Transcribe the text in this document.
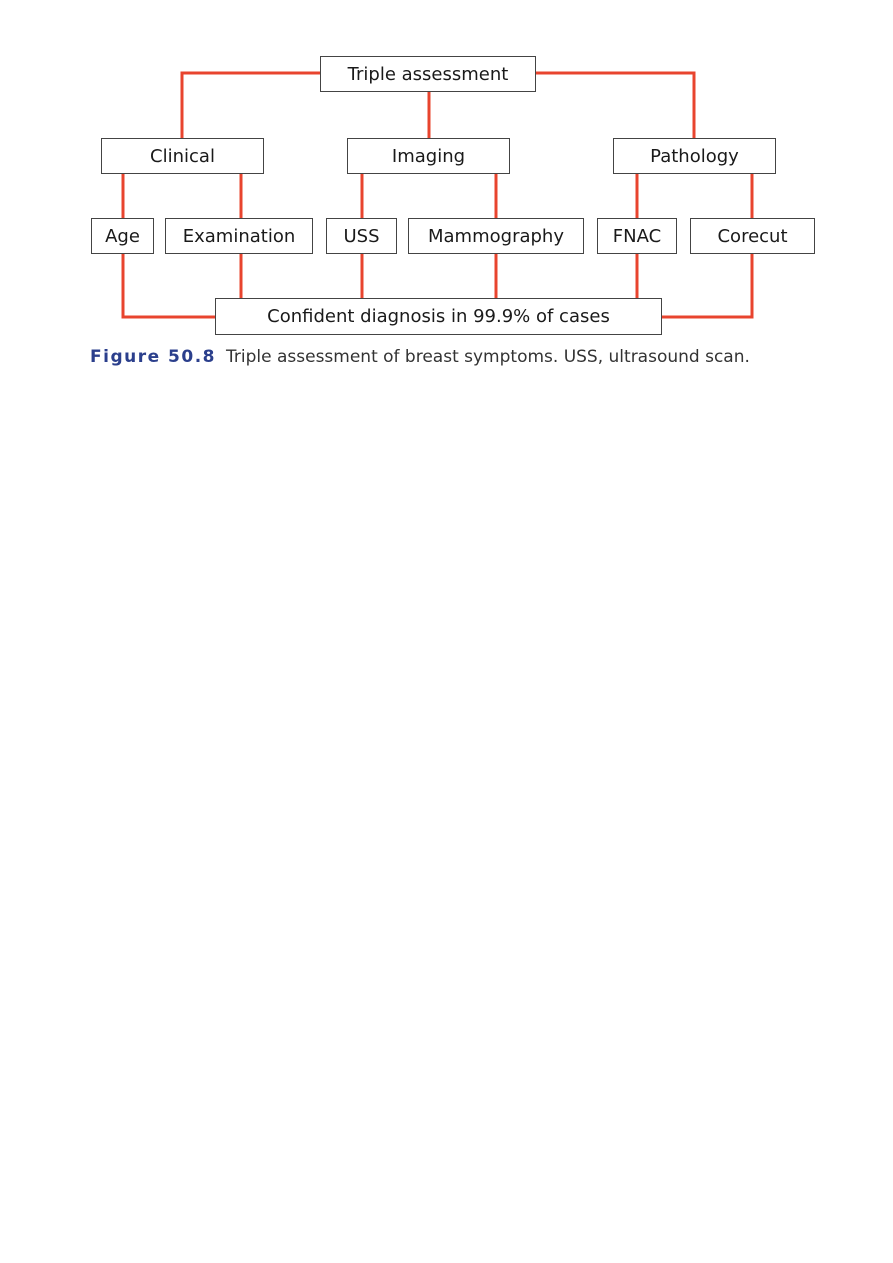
Triple assessment
Clinical	Imaging	Pathology
Age	Examination	USS	Mammography	FNAC	Corecut
Confident diagnosis in 99.9% of cases
Figure 50.8 Triple assessment of breast symptoms. USS, ultrasound scan.
